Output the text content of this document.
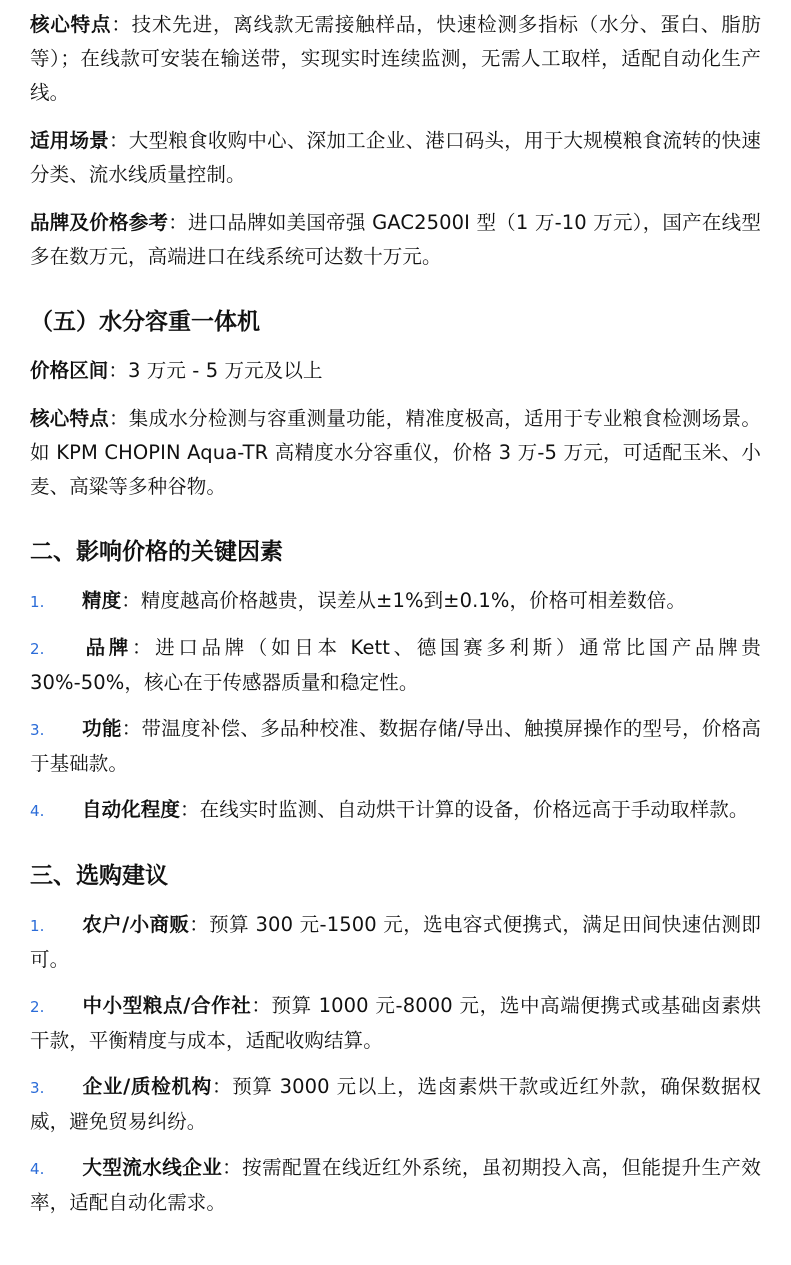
核心特点：技术先进，离线款无需接触样品，快速检测多指标（水分、蛋白、脂肪等）；在线款可安装在输送带，实现实时连续监测，无需人工取样，适配自动化生产线。

适用场景：大型粮食收购中心、深加工企业、港口码头，用于大规模粮食流转的快速分类、流水线质量控制。

品牌及价格参考：进口品牌如美国帝强 GAC2500I 型（1 万-10 万元），国产在线型多在数万元，高端进口在线系统可达数十万元。

（五）水分容重一体机

价格区间：3 万元 - 5 万元及以上

核心特点：集成水分检测与容重测量功能，精准度极高，适用于专业粮食检测场景。如 KPM CHOPIN Aqua-TR 高精度水分容重仪，价格 3 万-5 万元，可适配玉米、小麦、高粱等多种谷物。

二、影响价格的关键因素
1. 精度：精度越高价格越贵，误差从±1%到±0.1%，价格可相差数倍。
2. 品牌：进口品牌（如日本 Kett、德国赛多利斯）通常比国产品牌贵 30%-50%，核心在于传感器质量和稳定性。
3. 功能：带温度补偿、多品种校准、数据存储/导出、触摸屏操作的型号，价格高于基础款。
4. 自动化程度：在线实时监测、自动烘干计算的设备，价格远高于手动取样款。
三、选购建议
1. 农户/小商贩：预算 300 元-1500 元，选电容式便携式，满足田间快速估测即可。
2. 中小型粮点/合作社：预算 1000 元-8000 元，选中高端便携式或基础卤素烘干款，平衡精度与成本，适配收购结算。
3. 企业/质检机构：预算 3000 元以上，选卤素烘干款或近红外款，确保数据权威，避免贸易纠纷。
4. 大型流水线企业：按需配置在线近红外系统，虽初期投入高，但能提升生产效率，适配自动化需求。
